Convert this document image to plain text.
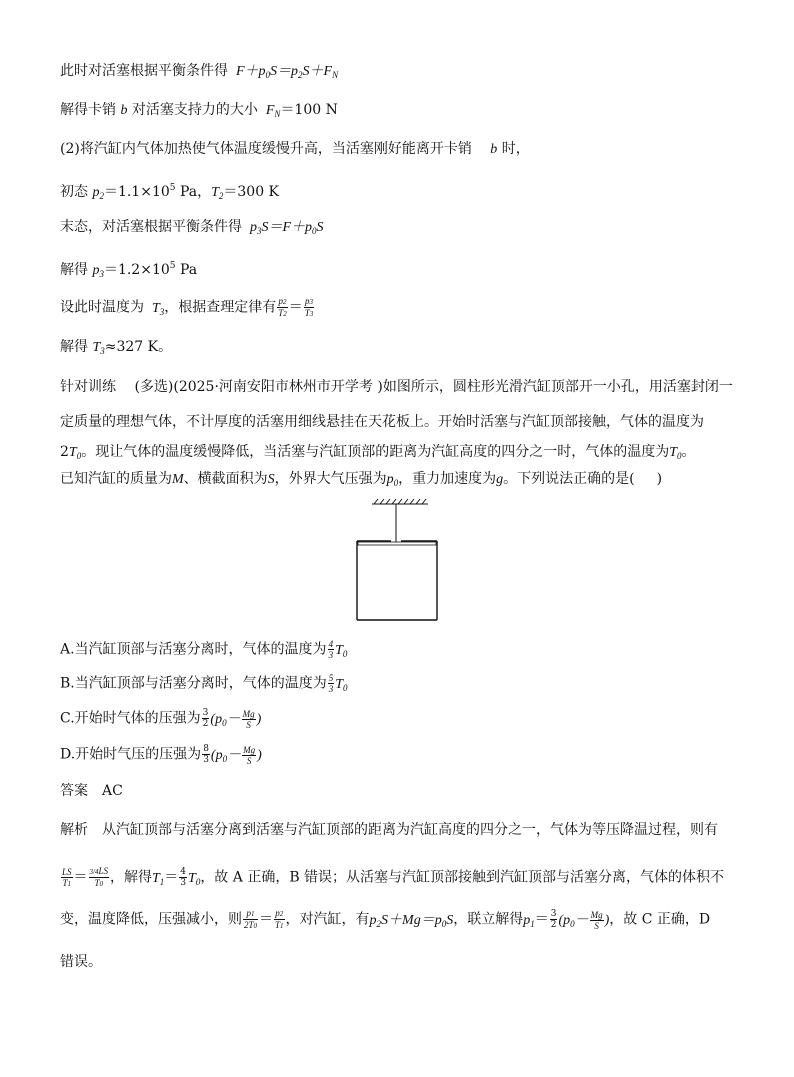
此时对活塞根据平衡条件得  $F+p_0S=p_2S+F_N$
解得卡销 b 对活塞支持力的大小  $F_N=100$ N
(2)将汽缸内气体加热使气体温度缓慢升高，当活塞刚好能离开卡销 b 时，
初态 $p_2=1.1\times 10^5$ Pa，$T_2=300$ K
末态，对活塞根据平衡条件得  $p_3S=F+p_0S$
解得 $p_3=1.2\times 10^5$ Pa
设此时温度为  $T_3$，根据查理定律有 $\frac{p2}{T2} = \frac{p3}{T3}$
解得 $T_3\approx 327$ K。
针对训练 (多选)(2025·河南安阳市林州市开学考 )如图所示，圆柱形光滑汽缸顶部开一小孔，用活塞封闭一
定质量的理想气体，不计厚度的活塞用细线悬挂在天花板上。开始时活塞与汽缸顶部接触，气体的温度为
$2T_0$。现让气体的温度缓慢降低，当活塞与汽缸顶部的距离为汽缸高度的四分之一时，气体的温度为$T_0$。
已知汽缸的质量为M、横截面积为S，外界大气压强为$p_0$，重力加速度为g。下列说法正确的是( )
A.当汽缸顶部与活塞分离时，气体的温度为 $\frac{4}{3} T_0$
B.当汽缸顶部与活塞分离时，气体的温度为 $\frac{5}{3} T_0$
C.开始时气体的压强为 $\frac{3}{2} (p_0- \frac{Mg}{S}$ )
D.开始时气压的压强为 $\frac{8}{3} (p_0- \frac{Mg}{S}$ )
答案 AC
解析 从汽缸顶部与活塞分离到活塞与汽缸顶部的距离为汽缸高度的四分之一，气体为等压降温过程，则有
$\frac{LS}{T1} = \frac{3/4LS}{T0}$ ，解得$T_1= \frac{4}{3} T_0$，故 A 正确，B 错误；从活塞与汽缸顶部接触到汽缸顶部与活塞分离，气体的体积不
变，温度降低，压强减小，则 $\frac{p1}{2T0} = \frac{p2}{T1}$ ，对汽缸，有$p_2S+Mg=p_0S$，联立解得$p_1= \frac{3}{2} (p_0- \frac{Mg}{S}$ )，故 C 正确，D
错误。
